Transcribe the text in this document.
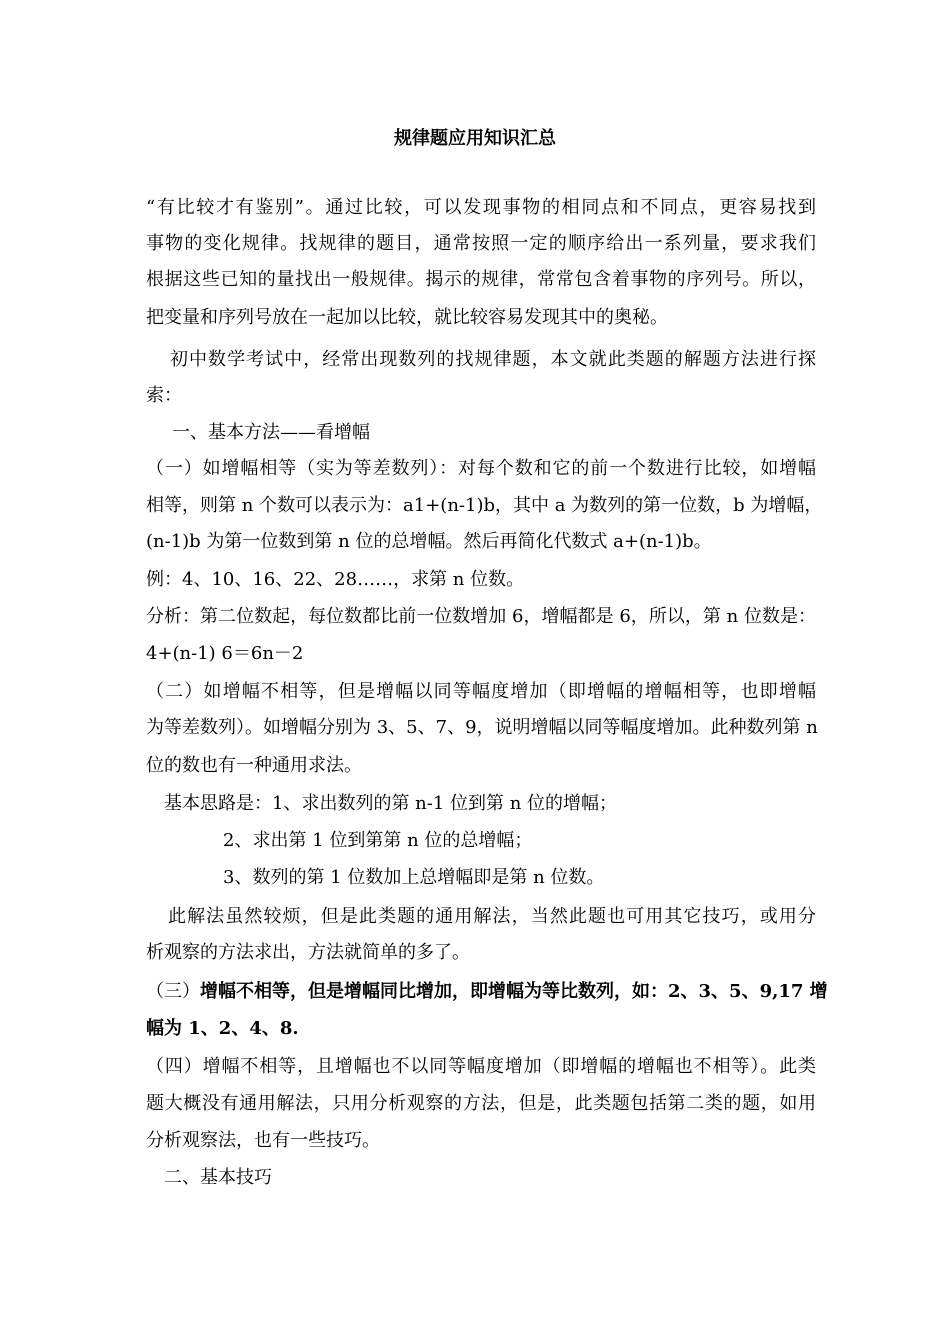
规律题应用知识汇总
“有比较才有鉴别”。通过比较，可以发现事物的相同点和不同点，更容易找到
事物的变化规律。找规律的题目，通常按照一定的顺序给出一系列量，要求我们
根据这些已知的量找出一般规律。揭示的规律，常常包含着事物的序列号。所以，
把变量和序列号放在一起加以比较，就比较容易发现其中的奥秘。
初中数学考试中，经常出现数列的找规律题，本文就此类题的解题方法进行探
索：
一、基本方法——看增幅
（一）如增幅相等（实为等差数列）：对每个数和它的前一个数进行比较，如增幅
相等，则第 n 个数可以表示为：a1+(n-1)b，其中 a 为数列的第一位数，b 为增幅，
(n-1)b 为第一位数到第 n 位的总增幅。然后再简化代数式 a+(n-1)b。
例：4、10、16、22、28……，求第 n 位数。
分析：第二位数起，每位数都比前一位数增加 6，增幅都是 6，所以，第 n 位数是：
4+(n-1) 6＝6n－2
（二）如增幅不相等，但是增幅以同等幅度增加（即增幅的增幅相等，也即增幅
为等差数列）。如增幅分别为 3、5、7、9，说明增幅以同等幅度增加。此种数列第 n
位的数也有一种通用求法。
基本思路是：1、求出数列的第 n-1 位到第 n 位的增幅；
2、求出第 1 位到第第 n 位的总增幅；
3、数列的第 1 位数加上总增幅即是第 n 位数。
此解法虽然较烦，但是此类题的通用解法，当然此题也可用其它技巧，或用分
析观察的方法求出，方法就简单的多了。
（三）增幅不相等，但是增幅同比增加，即增幅为等比数列，如：2、3、5、9,17 增
幅为 1、2、4、8.
（四）增幅不相等，且增幅也不以同等幅度增加（即增幅的增幅也不相等）。此类
题大概没有通用解法，只用分析观察的方法，但是，此类题包括第二类的题，如用
分析观察法，也有一些技巧。
二、基本技巧
